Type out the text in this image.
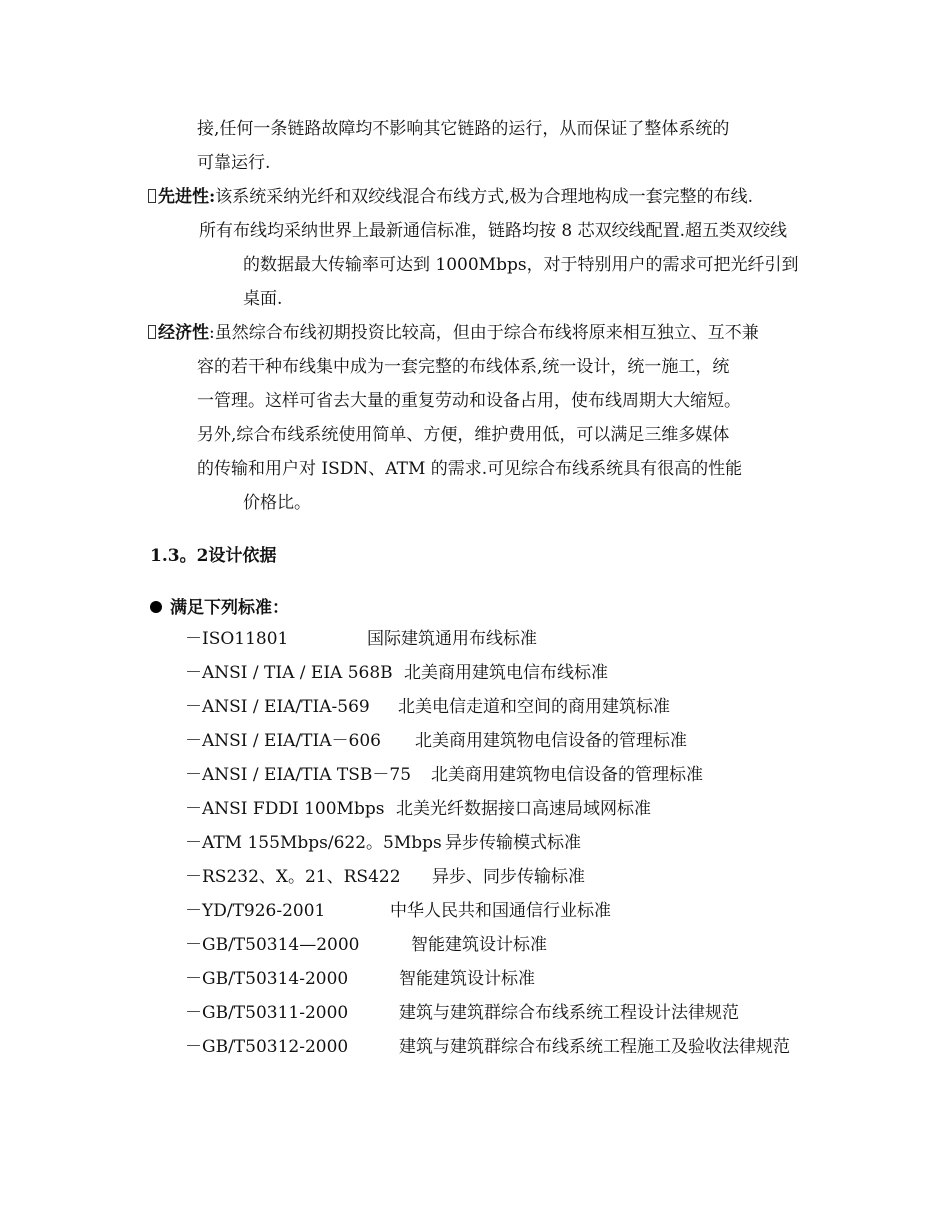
接,任何一条链路故障均不影响其它链路的运行，从而保证了整体系统的
可靠运行.
先进性:该系统采纳光纤和双绞线混合布线方式,极为合理地构成一套完整的布线.
所有布线均采纳世界上最新通信标准，链路均按 8 芯双绞线配置.超五类双绞线
的数据最大传输率可达到 1000Mbps，对于特别用户的需求可把光纤引到
桌面.
经济性:虽然综合布线初期投资比较高，但由于综合布线将原来相互独立、互不兼
容的若干种布线集中成为一套完整的布线体系,统一设计，统一施工，统
一管理。这样可省去大量的重复劳动和设备占用，使布线周期大大缩短。
另外,综合布线系统使用简单、方便，维护费用低，可以满足三维多媒体
的传输和用户对 ISDN、ATM 的需求.可见综合布线系统具有很高的性能
价格比。
1.3。2设计依据
满足下列标准：
－ISO11801	国际建筑通用布线标准
－ANSI / TIA / EIA 568B 北美商用建筑电信布线标准
－ANSI / EIA/TIA-569 北美电信走道和空间的商用建筑标准
－ANSI / EIA/TIA－606 北美商用建筑物电信设备的管理标准
－ANSI / EIA/TIA TSB－75 北美商用建筑物电信设备的管理标准
－ANSI FDDI 100Mbps 北美光纤数据接口高速局域网标准
－ATM 155Mbps/622。5Mbps 异步传输模式标准
－RS232、X。21、RS422 异步、同步传输标准
－YD/T926-2001	中华人民共和国通信行业标准
－GB/T50314—2000	智能建筑设计标准
－GB/T50314-2000	智能建筑设计标准
－GB/T50311-2000	建筑与建筑群综合布线系统工程设计法律规范
－GB/T50312-2000	建筑与建筑群综合布线系统工程施工及验收法律规范
